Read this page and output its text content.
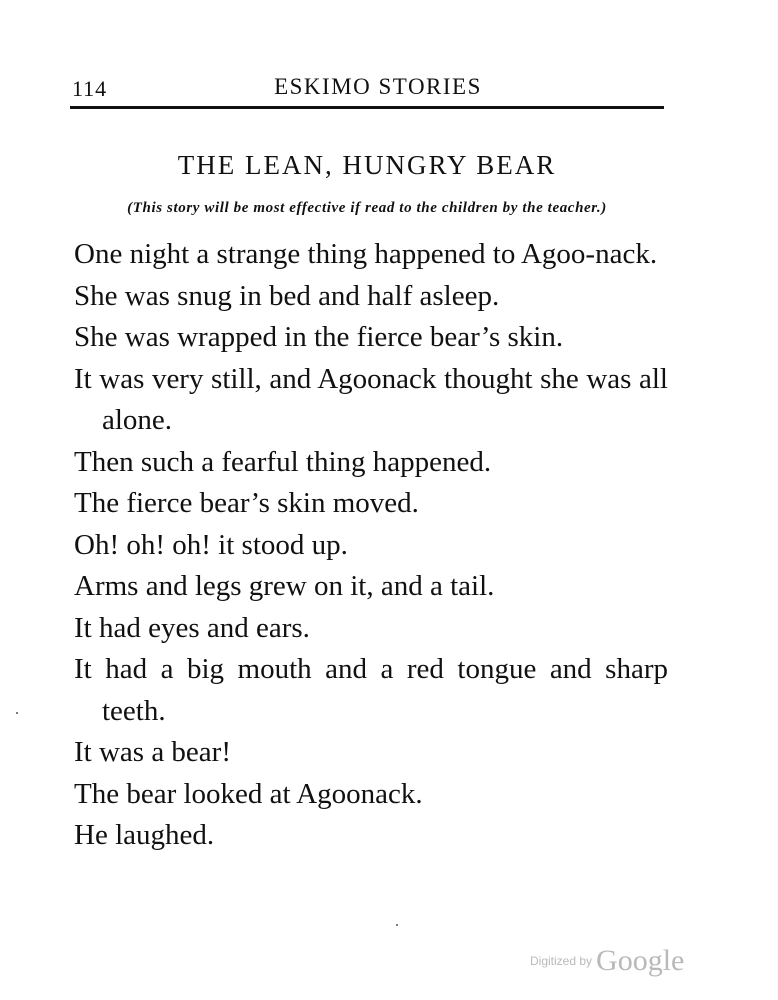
114	ESKIMO STORIES
THE LEAN, HUNGRY BEAR
(This story will be most effective if read to the children by the teacher.)

One night a strange thing happened to Agoo-nack.

She was snug in bed and half asleep.

She was wrapped in the fierce bear’s skin.

It was very still, and Agoonack thought she was all alone.

Then such a fearful thing happened.

The fierce bear’s skin moved.

Oh! oh! oh! it stood up.

Arms and legs grew on it, and a tail.

It had eyes and ears.

It had a big mouth and a red tongue and sharp teeth.

It was a bear!

The bear looked at Agoonack.

He laughed.

Digitized by Google
